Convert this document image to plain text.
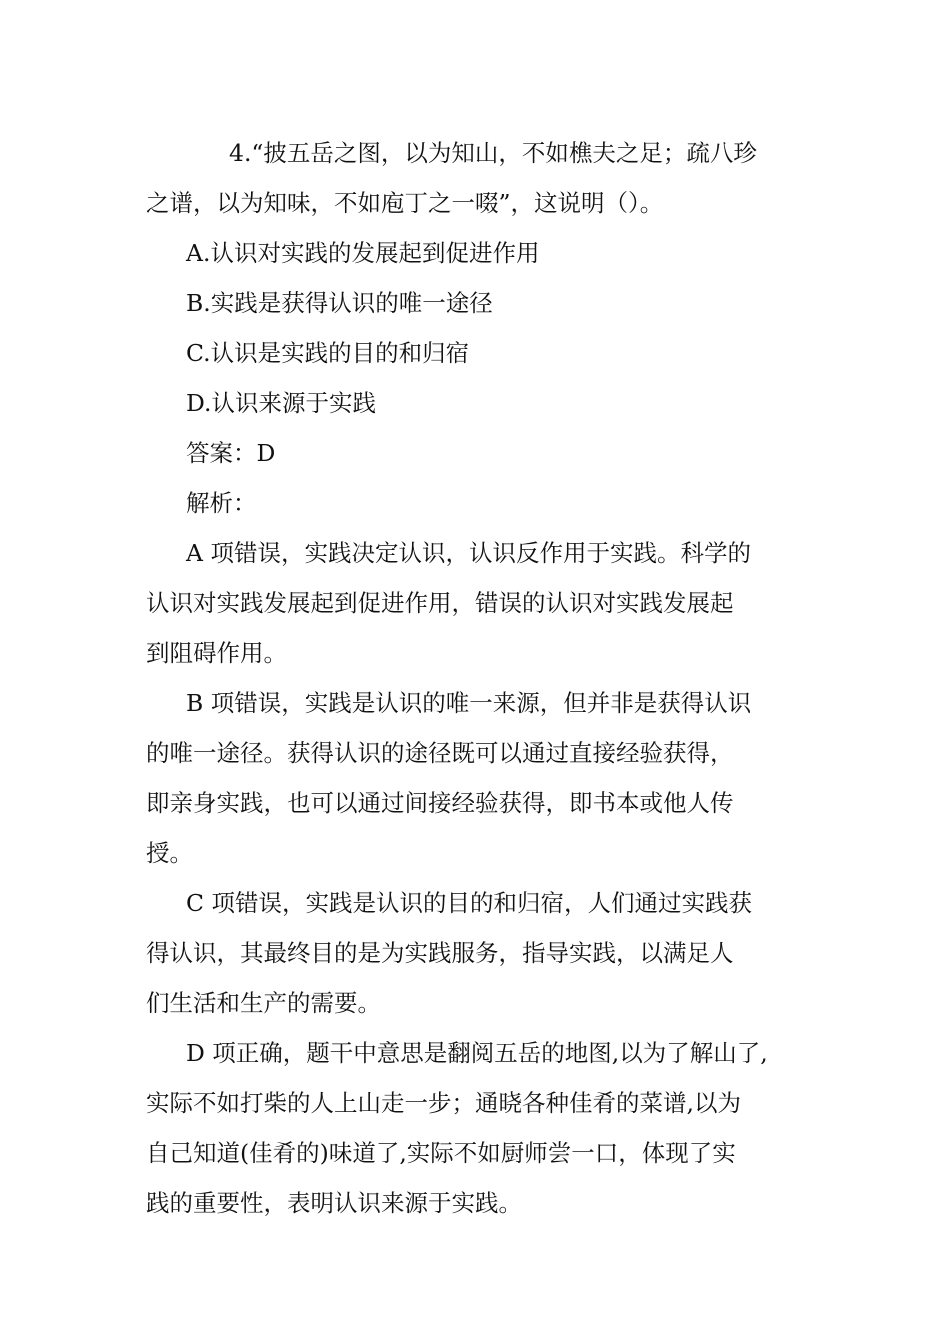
4.“披五岳之图，以为知山，不如樵夫之足；疏八珍
之谱，以为知味，不如庖丁之一啜”，这说明（）。
A.认识对实践的发展起到促进作用
B.实践是获得认识的唯一途径
C.认识是实践的目的和归宿
D.认识来源于实践
答案：D
解析：
A 项错误，实践决定认识，认识反作用于实践。科学的
认识对实践发展起到促进作用，错误的认识对实践发展起
到阻碍作用。
B 项错误，实践是认识的唯一来源，但并非是获得认识
的唯一途径。获得认识的途径既可以通过直接经验获得，
即亲身实践，也可以通过间接经验获得，即书本或他人传
授。
C 项错误，实践是认识的目的和归宿，人们通过实践获
得认识，其最终目的是为实践服务，指导实践，以满足人
们生活和生产的需要。
D 项正确，题干中意思是翻阅五岳的地图,以为了解山了,
实际不如打柴的人上山走一步；通晓各种佳肴的菜谱,以为
自己知道(佳肴的)味道了,实际不如厨师尝一口，体现了实
践的重要性，表明认识来源于实践。
